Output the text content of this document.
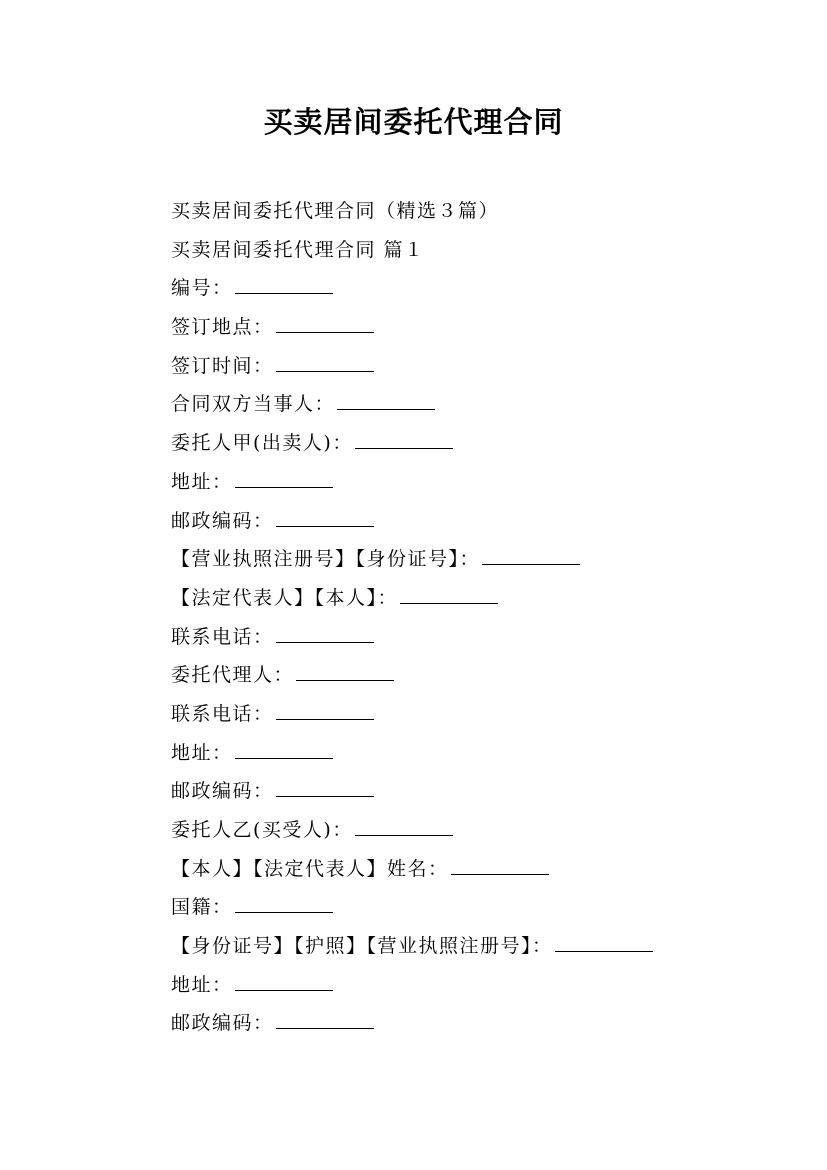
买卖居间委托代理合同
买卖居间委托代理合同（精选３篇）
买卖居间委托代理合同 篇１
编号：
签订地点：
签订时间：
合同双方当事人：
委托人甲(出卖人)：
地址：
邮政编码：
【营业执照注册号】【身份证号】：
【法定代表人】【本人】：
联系电话：
委托代理人：
联系电话：
地址：
邮政编码：
委托人乙(买受人)：
【本人】【法定代表人】姓名：
国籍：
【身份证号】【护照】【营业执照注册号】：
地址：
邮政编码：
